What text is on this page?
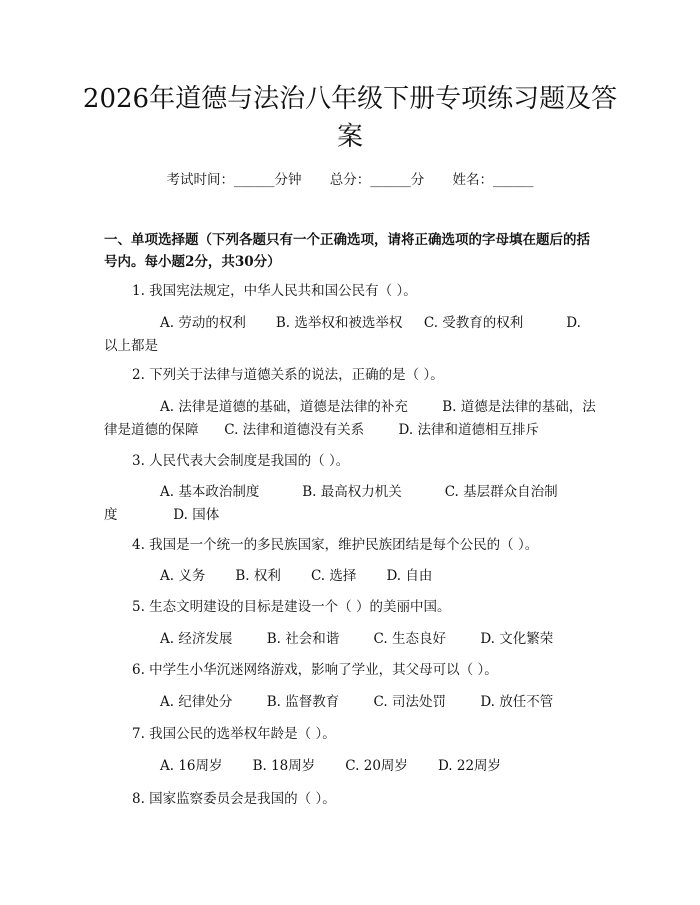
2026年道德与法治八年级下册专项练习题及答案
考试时间：______分钟 总分：______分 姓名：______
一、单项选择题（下列各题只有一个正确选项，请将正确选项的字母填在题后的括号内。每小题2分，共30分）
1. 我国宪法规定，中华人民共和国公民有（ ）。
A. 劳动的权利 B. 选举权和被选举权 C. 受教育的权利	D. 以上都是
2. 下列关于法律与道德关系的说法，正确的是（ ）。
A. 法律是道德的基础，道德是法律的补充	B. 道德是法律的基础，法律是道德的保障 C. 法律和道德没有关系	D. 法律和道德相互排斥
3. 人民代表大会制度是我国的（ ）。
A. 基本政治制度	B. 最高权力机关	C. 基层群众自治制度	D. 国体
4. 我国是一个统一的多民族国家，维护民族团结是每个公民的（ ）。
A. 义务 B. 权利 C. 选择 D. 自由
5. 生态文明建设的目标是建设一个（ ）的美丽中国。
A. 经济发展	B. 社会和谐	C. 生态良好	D. 文化繁荣
6. 中学生小华沉迷网络游戏，影响了学业，其父母可以（ ）。
A. 纪律处分	B. 监督教育	C. 司法处罚	D. 放任不管
7. 我国公民的选举权年龄是（ ）。
A. 16周岁 B. 18周岁 C. 20周岁 D. 22周岁
8. 国家监察委员会是我国的（ ）。
